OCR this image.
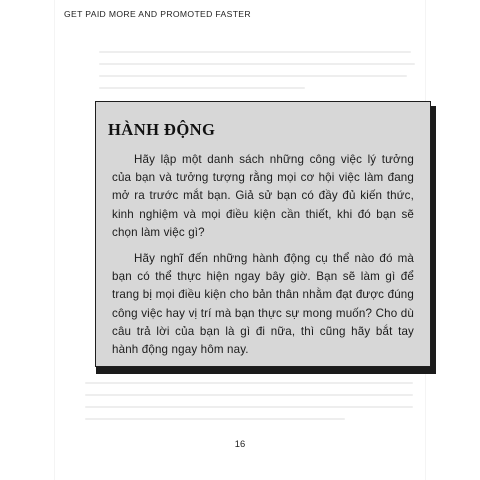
GET PAID MORE AND PROMOTED FASTER
HÀNH ĐỘNG

Hãy lập một danh sách những công việc lý tưởng của bạn và tưởng tượng rằng mọi cơ hội việc làm đang mở ra trước mắt bạn. Giả sử bạn có đầy đủ kiến thức, kinh nghiệm và mọi điều kiện cần thiết, khi đó bạn sẽ chọn làm việc gì?

Hãy nghĩ đến những hành động cụ thể nào đó mà bạn có thể thực hiện ngay bây giờ. Bạn sẽ làm gì để trang bị mọi điều kiện cho bản thân nhằm đạt được đúng công việc hay vị trí mà bạn thực sự mong muốn? Cho dù câu trả lời của bạn là gì đi nữa, thì cũng hãy bắt tay hành động ngay hôm nay.

16
